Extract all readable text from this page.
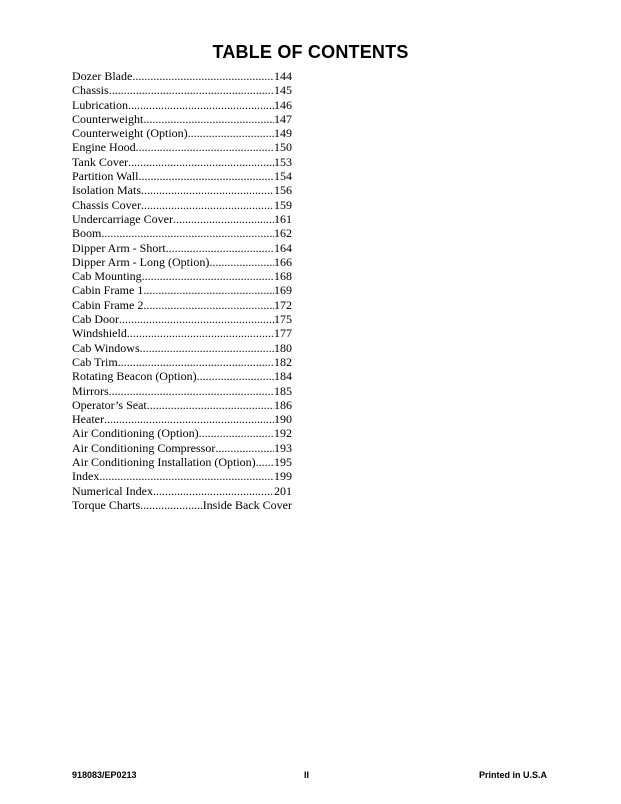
TABLE OF CONTENTS
Dozer Blade .....	144
Chassis .....	145
Lubrication .....	146
Counterweight .....	147
Counterweight (Option) .....	149
Engine Hood .....	150
Tank Cover .....	153
Partition Wall .....	154
Isolation Mats .....	156
Chassis Cover .....	159
Undercarriage Cover .....	161
Boom .....	162
Dipper Arm - Short .....	164
Dipper Arm - Long (Option) .....	166
Cab Mounting .....	168
Cabin Frame 1 .....	169
Cabin Frame 2 .....	172
Cab Door .....	175
Windshield .....	177
Cab Windows .....	180
Cab Trim .....	182
Rotating Beacon (Option) .....	184
Mirrors .....	185
Operator’s Seat .....	186
Heater .....	190
Air Conditioning (Option) .....	192
Air Conditioning Compressor .....	193
Air Conditioning Installation (Option) ..... 195
Index .....	199
Numerical Index .....	201
Torque Charts .....	Inside Back Cover
918083/EP0213	II	Printed in U.S.A
